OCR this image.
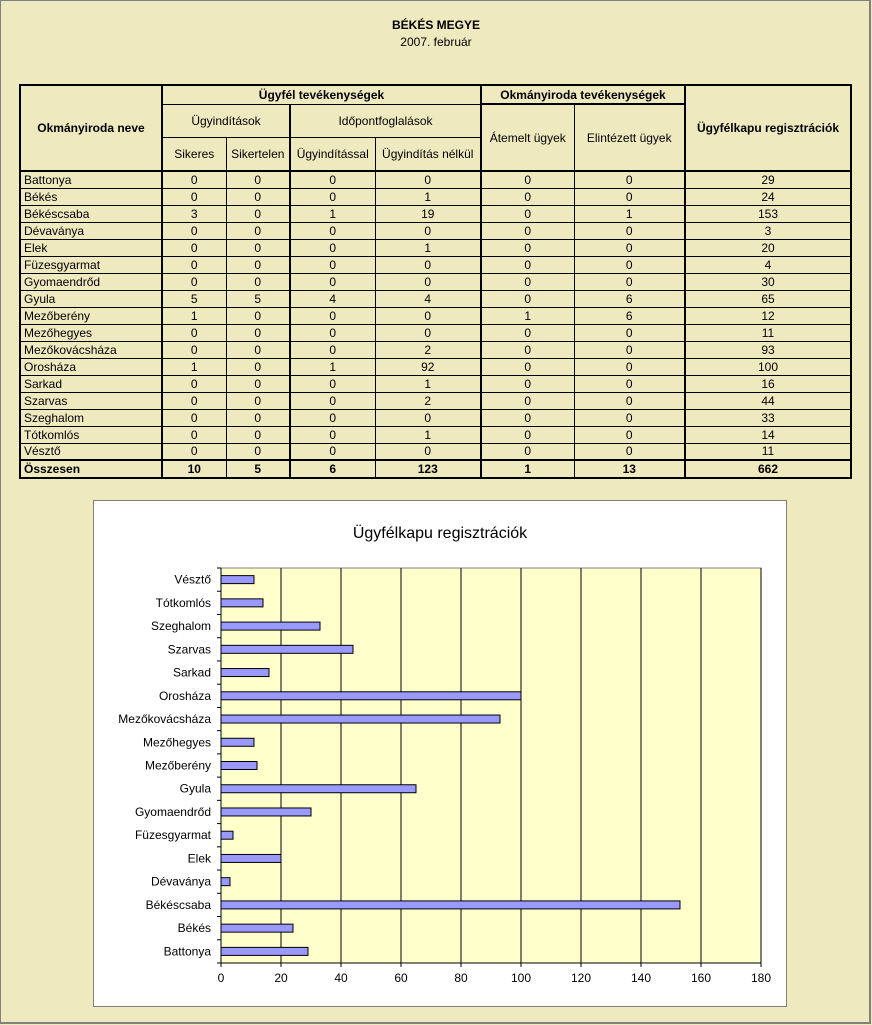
BÉKÉS MEGYE
2007. február
Okmányiroda neve	Ügyfél tevékenységek				Okmányiroda tevékenységek		Ügyfélkapu regisztrációk
	Ügyindítások		Időpontfoglalások		Átemelt ügyek	Elintézett ügyek	
	Sikeres	Sikertelen	Ügyindítással	Ügyindítás nélkül			
Battonya	0	0	0	0	0	0	29
Békés	0	0	0	1	0	0	24
Békéscsaba	3	0	1	19	0	1	153
Dévaványa	0	0	0	0	0	0	3
Elek	0	0	0	1	0	0	20
Füzesgyarmat	0	0	0	0	0	0	4
Gyomaendrőd	0	0	0	0	0	0	30
Gyula	5	5	4	4	0	6	65
Mezőberény	1	0	0	0	1	6	12
Mezőhegyes	0	0	0	0	0	0	11
Mezőkovácsháza	0	0	0	2	0	0	93
Orosháza	1	0	1	92	0	0	100
Sarkad	0	0	0	1	0	0	16
Szarvas	0	0	0	2	0	0	44
Szeghalom	0	0	0	0	0	0	33
Tótkomlós	0	0	0	1	0	0	14
Vésztő	0	0	0	0	0	0	11
Összesen	10	5	6	123	1	13	662
Ügyfélkapu regisztrációk
0	20	40	60	80	100	120	140	160	180
Battonya
Békés
Békéscsaba
Dévaványa
Elek
Füzesgyarmat
Gyomaendrőd
Gyula
Mezőberény
Mezőhegyes
Mezőkovácsháza
Orosháza
Sarkad
Szarvas
Szeghalom
Tótkomlós
Vésztő
